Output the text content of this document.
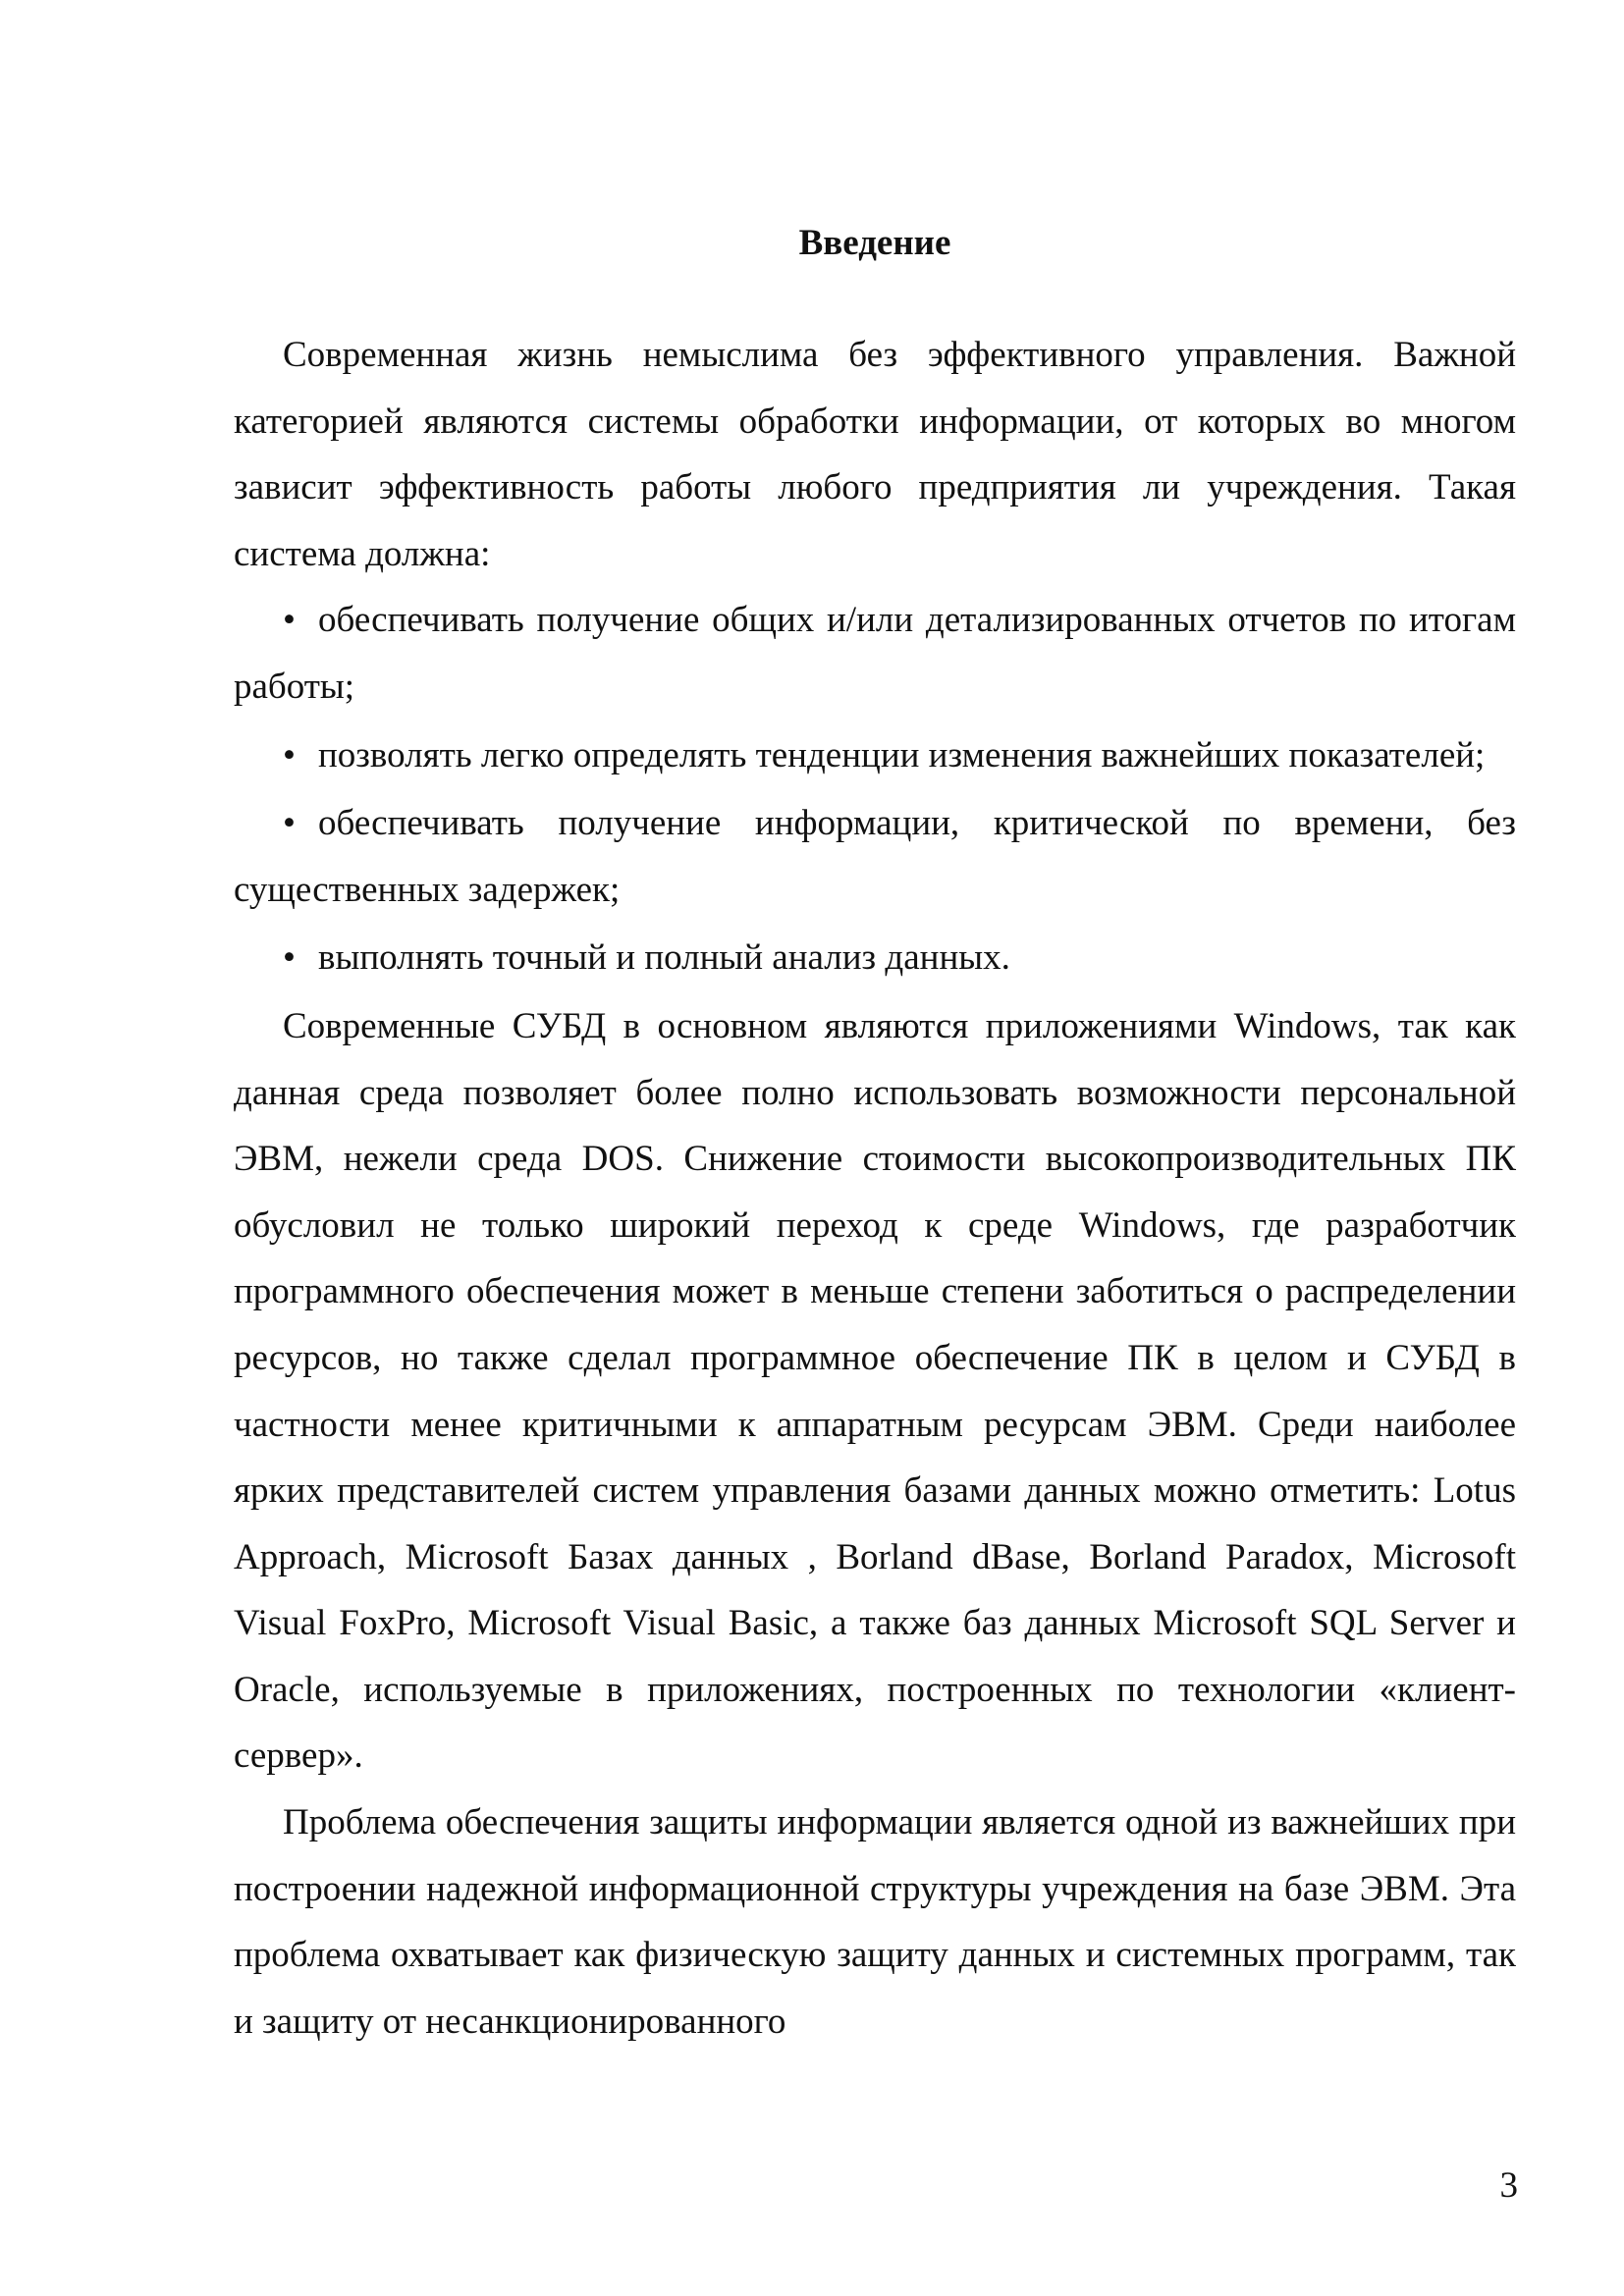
Введение

Современная жизнь немыслима без эффективного управления. Важной категорией являются системы обработки информации, от которых во многом зависит эффективность работы любого предприятия ли учреждения. Такая система должна:

• обеспечивать получение общих и/или детализированных отчетов по итогам работы;

• позволять легко определять тенденции изменения важнейших показателей;

• обеспечивать получение информации, критической по времени, без существенных задержек;

• выполнять точный и полный анализ данных.

Современные СУБД в основном являются приложениями Windows, так как данная среда позволяет более полно использовать возможности персональной ЭВМ, нежели среда DOS. Снижение стоимости высокопроизводительных ПК обусловил не только широкий переход к среде Windows, где разработчик программного обеспечения может в меньше степени заботиться о распределении ресурсов, но также сделал программное обеспечение ПК в целом и СУБД в частности менее критичными к аппаратным ресурсам ЭВМ. Среди наиболее ярких представителей систем управления базами данных можно отметить: Lotus Approach, Microsoft Базах данных , Borland dBase, Borland Paradox, Microsoft Visual FoxPro, Microsoft Visual Basic, а также баз данных Microsoft SQL Server и Oracle, используемые в приложениях, построенных по технологии «клиент-сервер».

Проблема обеспечения защиты информации является одной из важнейших при построении надежной информационной структуры учреждения на базе ЭВМ. Эта проблема охватывает как физическую защиту данных и системных программ, так и защиту от несанкционированного

3
